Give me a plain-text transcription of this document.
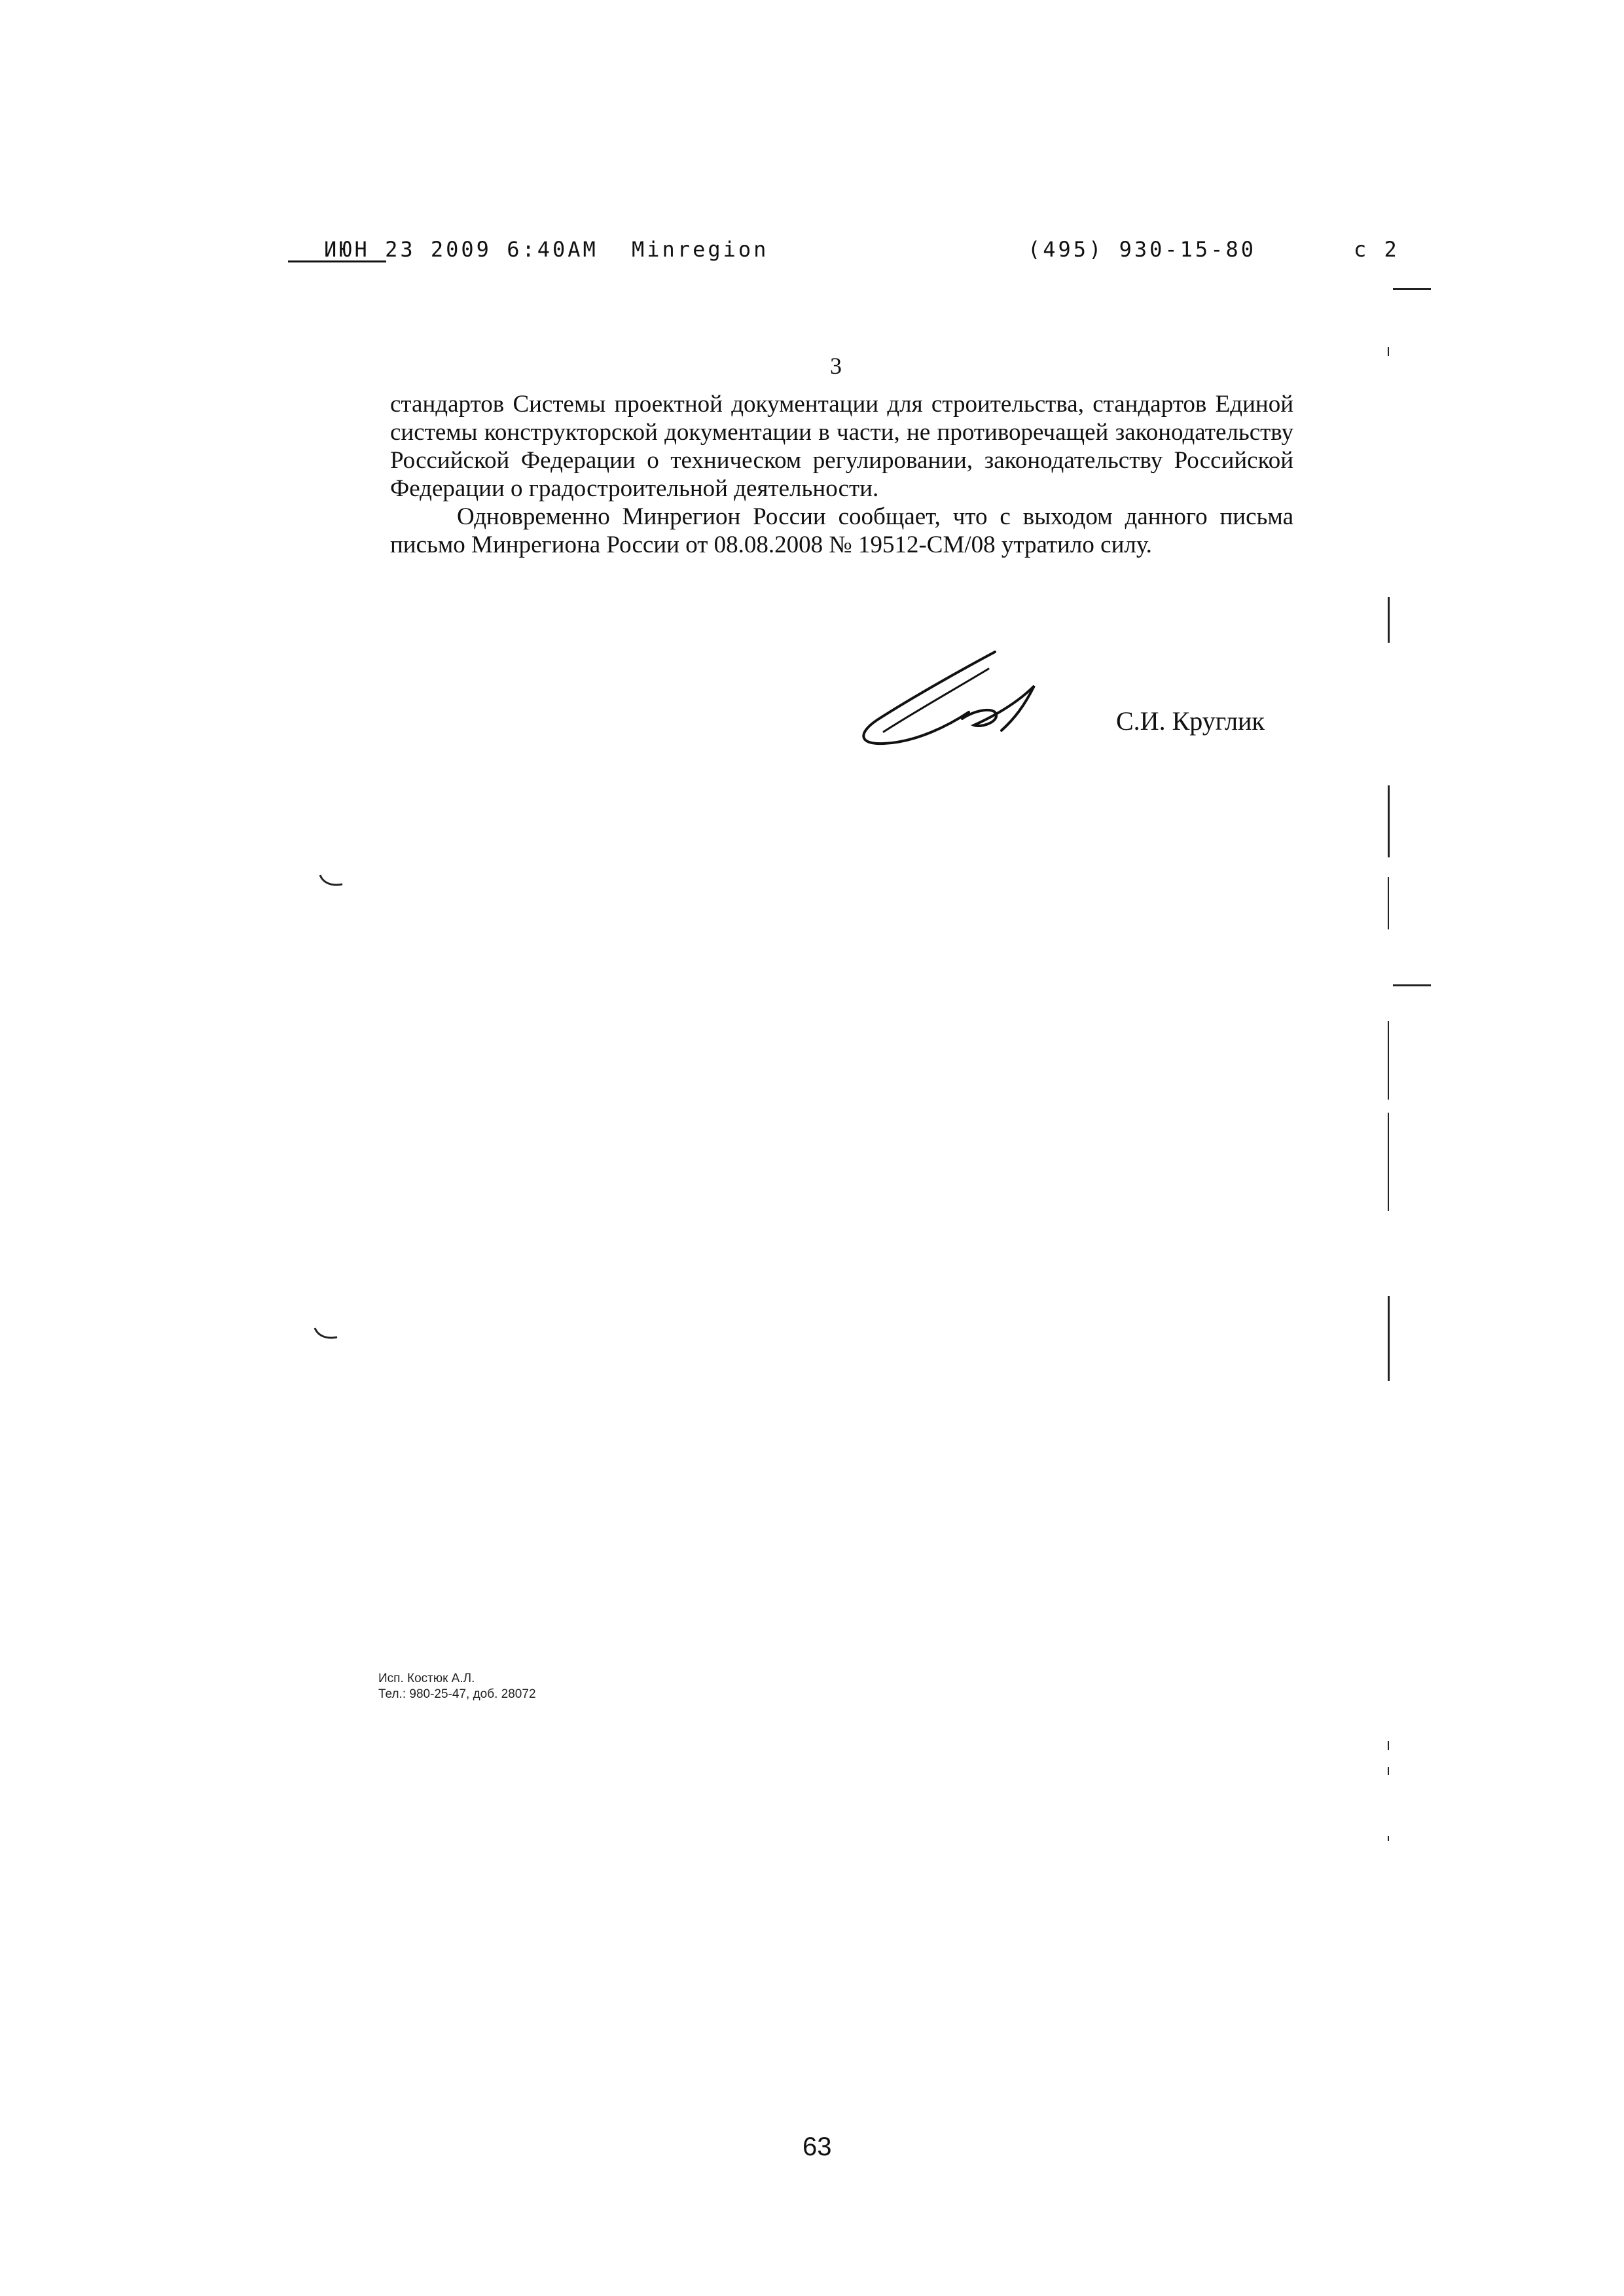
ИЮН 23 2009 6:40AM Minregion	(495) 930-15-80	c 2
3

стандартов Системы проектной документации для строительства, стандартов Единой системы конструкторской документации в части, не противоречащей законодательству Российской Федерации о техническом регулировании, законодательству Российской Федерации о градостроительной деятельности.

Одновременно Минрегион России сообщает, что с выходом данного письма письмо Минрегиона России от 08.08.2008 № 19512-СМ/08 утратило силу.

С.И. Круглик
Исп. Костюк А.Л.
Тел.: 980-25-47, доб. 28072
63
